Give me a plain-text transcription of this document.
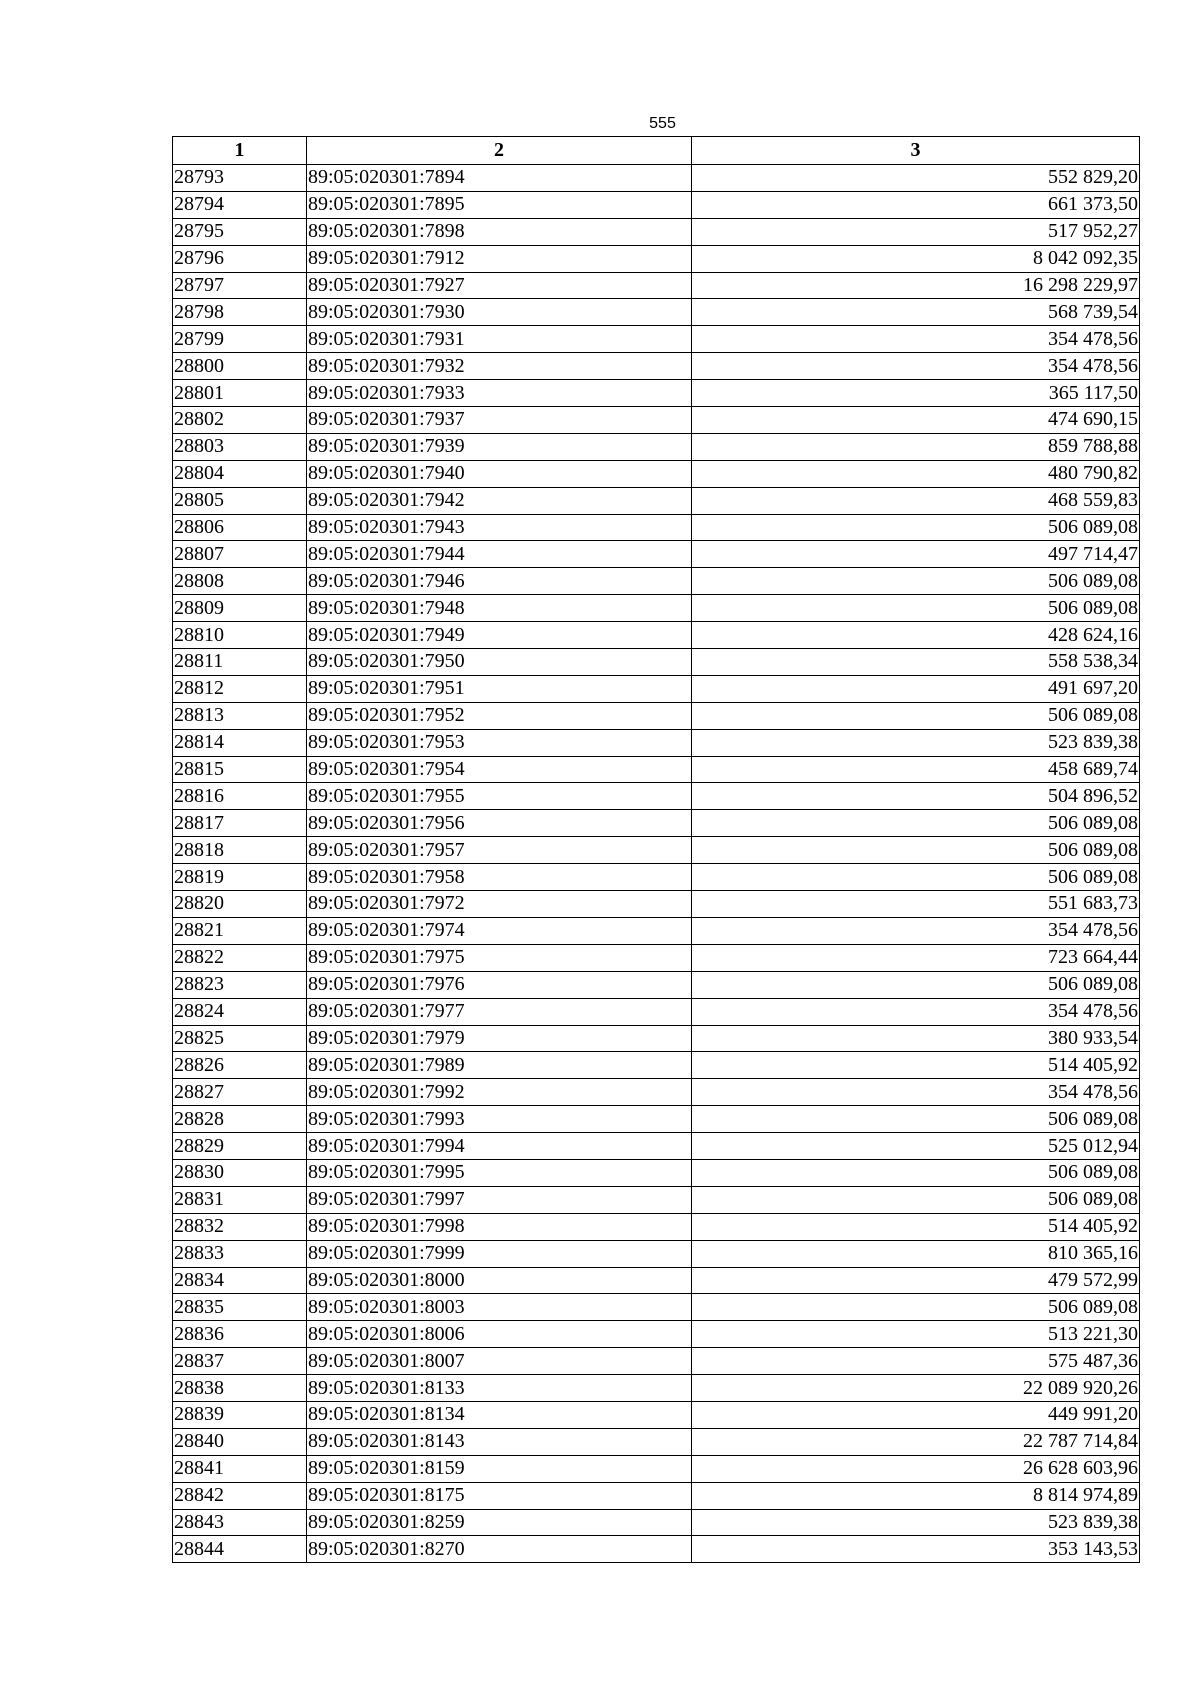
555
1	2	3
28793	89:05:020301:7894	552 829,20
28794	89:05:020301:7895	661 373,50
28795	89:05:020301:7898	517 952,27
28796	89:05:020301:7912	8 042 092,35
28797	89:05:020301:7927	16 298 229,97
28798	89:05:020301:7930	568 739,54
28799	89:05:020301:7931	354 478,56
28800	89:05:020301:7932	354 478,56
28801	89:05:020301:7933	365 117,50
28802	89:05:020301:7937	474 690,15
28803	89:05:020301:7939	859 788,88
28804	89:05:020301:7940	480 790,82
28805	89:05:020301:7942	468 559,83
28806	89:05:020301:7943	506 089,08
28807	89:05:020301:7944	497 714,47
28808	89:05:020301:7946	506 089,08
28809	89:05:020301:7948	506 089,08
28810	89:05:020301:7949	428 624,16
28811	89:05:020301:7950	558 538,34
28812	89:05:020301:7951	491 697,20
28813	89:05:020301:7952	506 089,08
28814	89:05:020301:7953	523 839,38
28815	89:05:020301:7954	458 689,74
28816	89:05:020301:7955	504 896,52
28817	89:05:020301:7956	506 089,08
28818	89:05:020301:7957	506 089,08
28819	89:05:020301:7958	506 089,08
28820	89:05:020301:7972	551 683,73
28821	89:05:020301:7974	354 478,56
28822	89:05:020301:7975	723 664,44
28823	89:05:020301:7976	506 089,08
28824	89:05:020301:7977	354 478,56
28825	89:05:020301:7979	380 933,54
28826	89:05:020301:7989	514 405,92
28827	89:05:020301:7992	354 478,56
28828	89:05:020301:7993	506 089,08
28829	89:05:020301:7994	525 012,94
28830	89:05:020301:7995	506 089,08
28831	89:05:020301:7997	506 089,08
28832	89:05:020301:7998	514 405,92
28833	89:05:020301:7999	810 365,16
28834	89:05:020301:8000	479 572,99
28835	89:05:020301:8003	506 089,08
28836	89:05:020301:8006	513 221,30
28837	89:05:020301:8007	575 487,36
28838	89:05:020301:8133	22 089 920,26
28839	89:05:020301:8134	449 991,20
28840	89:05:020301:8143	22 787 714,84
28841	89:05:020301:8159	26 628 603,96
28842	89:05:020301:8175	8 814 974,89
28843	89:05:020301:8259	523 839,38
28844	89:05:020301:8270	353 143,53
